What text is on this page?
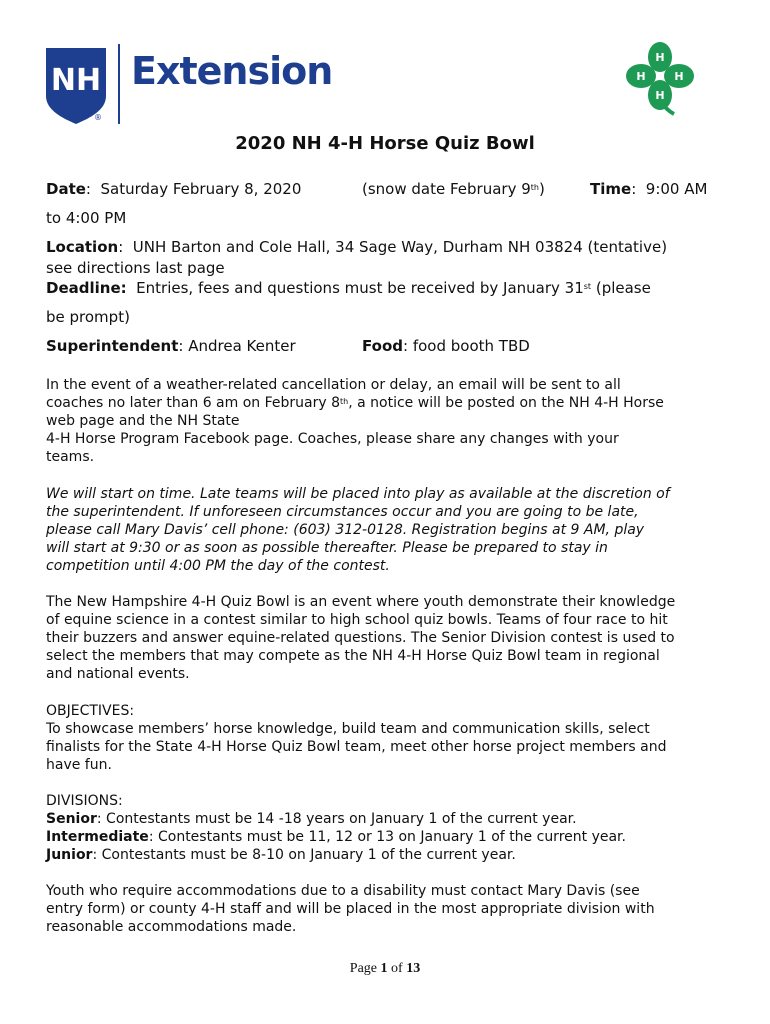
NH
®
Extension	H
H
H	H
2020 NH 4-H Horse Quiz Bowl
Date:  Saturday February 8, 2020	(snow date February 9th)	Time:  9:00 AM
to 4:00 PM
Location:  UNH Barton and Cole Hall, 34 Sage Way, Durham NH 03824 (tentative)
see directions last page
Deadline: Entries, fees and questions must be received by January 31st (please
be prompt)
Superintendent: Andrea Kenter	Food: food booth TBD
In the event of a weather-related cancellation or delay, an email will be sent to all
coaches no later than 6 am on February 8th, a notice will be posted on the NH 4-H Horse
web page and the NH State
4-H Horse Program Facebook page. Coaches, please share any changes with your
teams.
We will start on time. Late teams will be placed into play as available at the discretion of
the superintendent. If unforeseen circumstances occur and you are going to be late,
please call Mary Davis’ cell phone: (603) 312-0128. Registration begins at 9 AM, play
will start at 9:30 or as soon as possible thereafter. Please be prepared to stay in
competition until 4:00 PM the day of the contest.
The New Hampshire 4-H Quiz Bowl is an event where youth demonstrate their knowledge
of equine science in a contest similar to high school quiz bowls. Teams of four race to hit
their buzzers and answer equine-related questions. The Senior Division contest is used to
select the members that may compete as the NH 4-H Horse Quiz Bowl team in regional
and national events.
OBJECTIVES:
To showcase members’ horse knowledge, build team and communication skills, select
finalists for the State 4-H Horse Quiz Bowl team, meet other horse project members and
have fun.
DIVISIONS:
Senior: Contestants must be 14 -18 years on January 1 of the current year.
Intermediate: Contestants must be 11, 12 or 13 on January 1 of the current year.
Junior: Contestants must be 8-10 on January 1 of the current year.
Youth who require accommodations due to a disability must contact Mary Davis (see
entry form) or county 4-H staff and will be placed in the most appropriate division with
reasonable accommodations made.
Page 1 of 13
